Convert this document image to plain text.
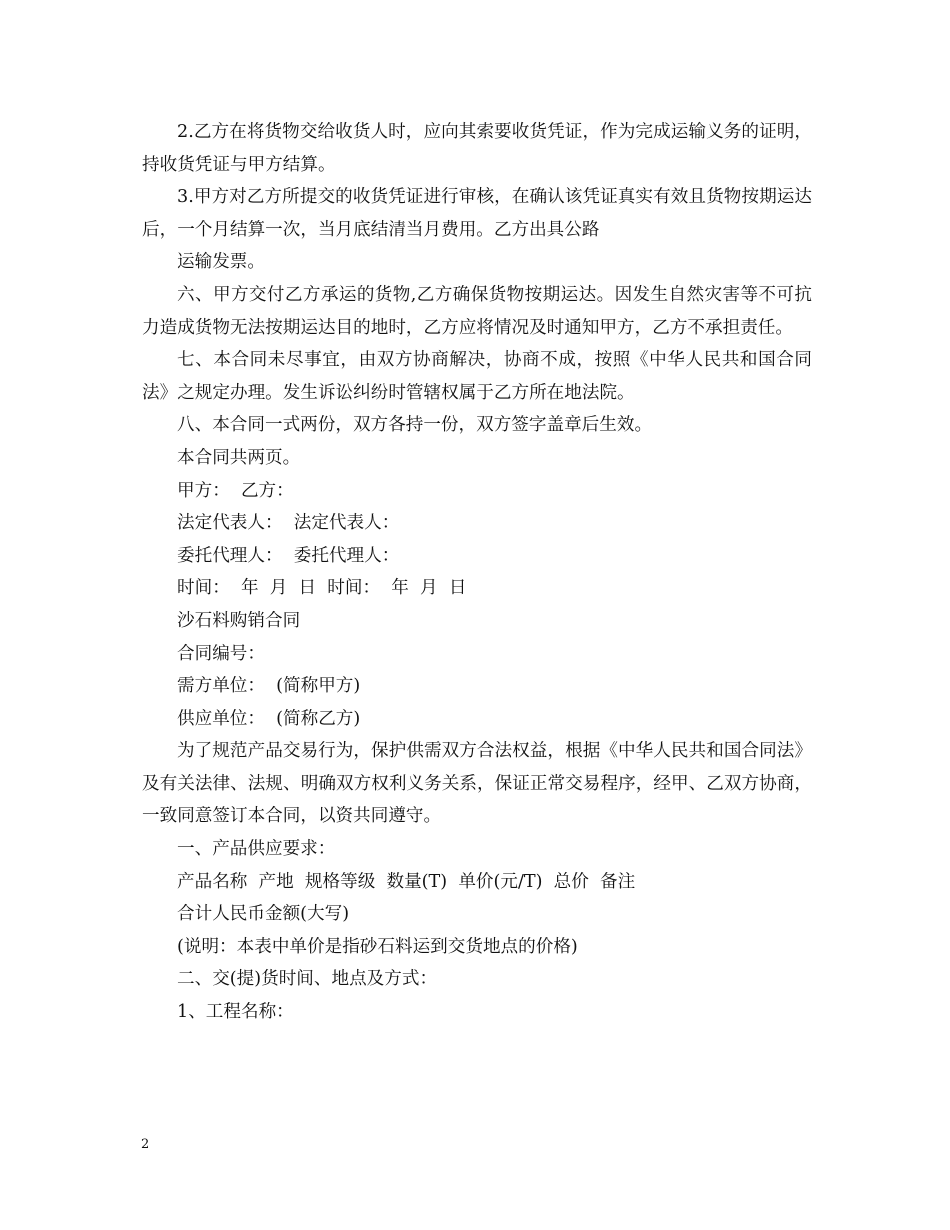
2.乙方在将货物交给收货人时，应向其索要收货凭证，作为完成运输义务的证明，持收货凭证与甲方结算。

3.甲方对乙方所提交的收货凭证进行审核，在确认该凭证真实有效且货物按期运达后，一个月结算一次，当月底结清当月费用。乙方出具公路

运输发票。

六、甲方交付乙方承运的货物,乙方确保货物按期运达。因发生自然灾害等不可抗力造成货物无法按期运达目的地时，乙方应将情况及时通知甲方，乙方不承担责任。

七、本合同未尽事宜，由双方协商解决，协商不成，按照《中华人民共和国合同法》之规定办理。发生诉讼纠纷时管辖权属于乙方所在地法院。

八、本合同一式两份，双方各持一份，双方签字盖章后生效。

本合同共两页。

甲方：  乙方：

法定代表人：  法定代表人：

委托代理人：  委托代理人：

时间：  年  月  日  时间：  年  月  日

沙石料购销合同

合同编号：

需方单位：  (简称甲方)

供应单位：  (简称乙方)

为了规范产品交易行为，保护供需双方合法权益，根据《中华人民共和国合同法》及有关法律、法规、明确双方权利义务关系，保证正常交易程序，经甲、乙双方协商，一致同意签订本合同，以资共同遵守。

一、产品供应要求：

产品名称  产地  规格等级  数量(T)  单价(元/T)  总价  备注

合计人民币金额(大写)

(说明：本表中单价是指砂石料运到交货地点的价格)

二、交(提)货时间、地点及方式：

1、工程名称：

2
